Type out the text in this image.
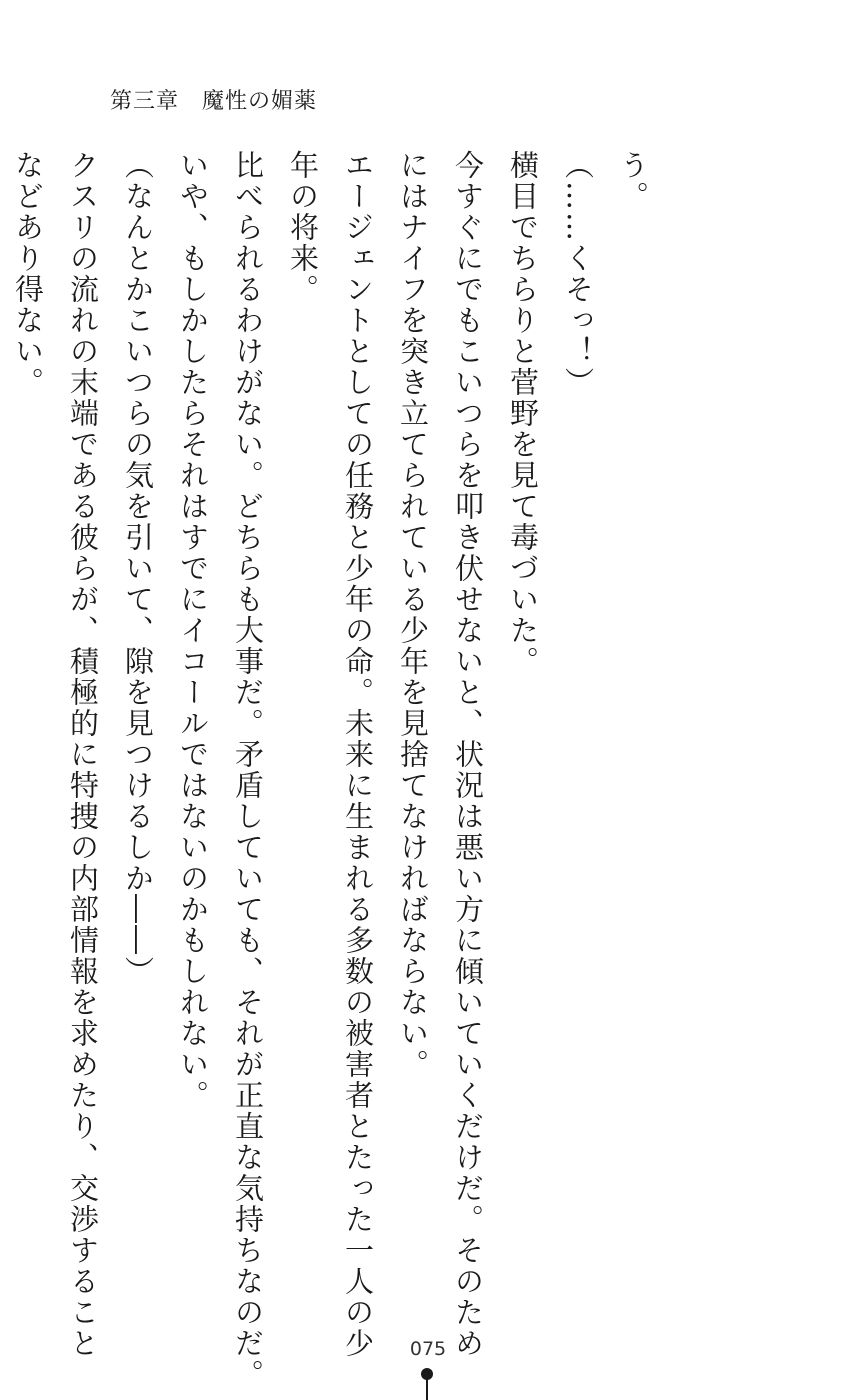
第三章　魔性の媚薬
う。
（……くそっ！）
横目でちらりと菅野を見て毒づいた。
今すぐにでもこいつらを叩き伏せないと、状況は悪い方に傾いていくだけだ。そのため
にはナイフを突き立てられている少年を見捨てなければならない。
エージェントとしての任務と少年の命。未来に生まれる多数の被害者とたった一人の少
年の将来。
比べられるわけがない。どちらも大事だ。矛盾していても、それが正直な気持ちなのだ。
いや、もしかしたらそれはすでにイコールではないのかもしれない。
（なんとかこいつらの気を引いて、隙を見つけるしか――）
クスリの流れの末端である彼らが、積極的に特捜の内部情報を求めたり、交渉すること
などあり得ない。
075
